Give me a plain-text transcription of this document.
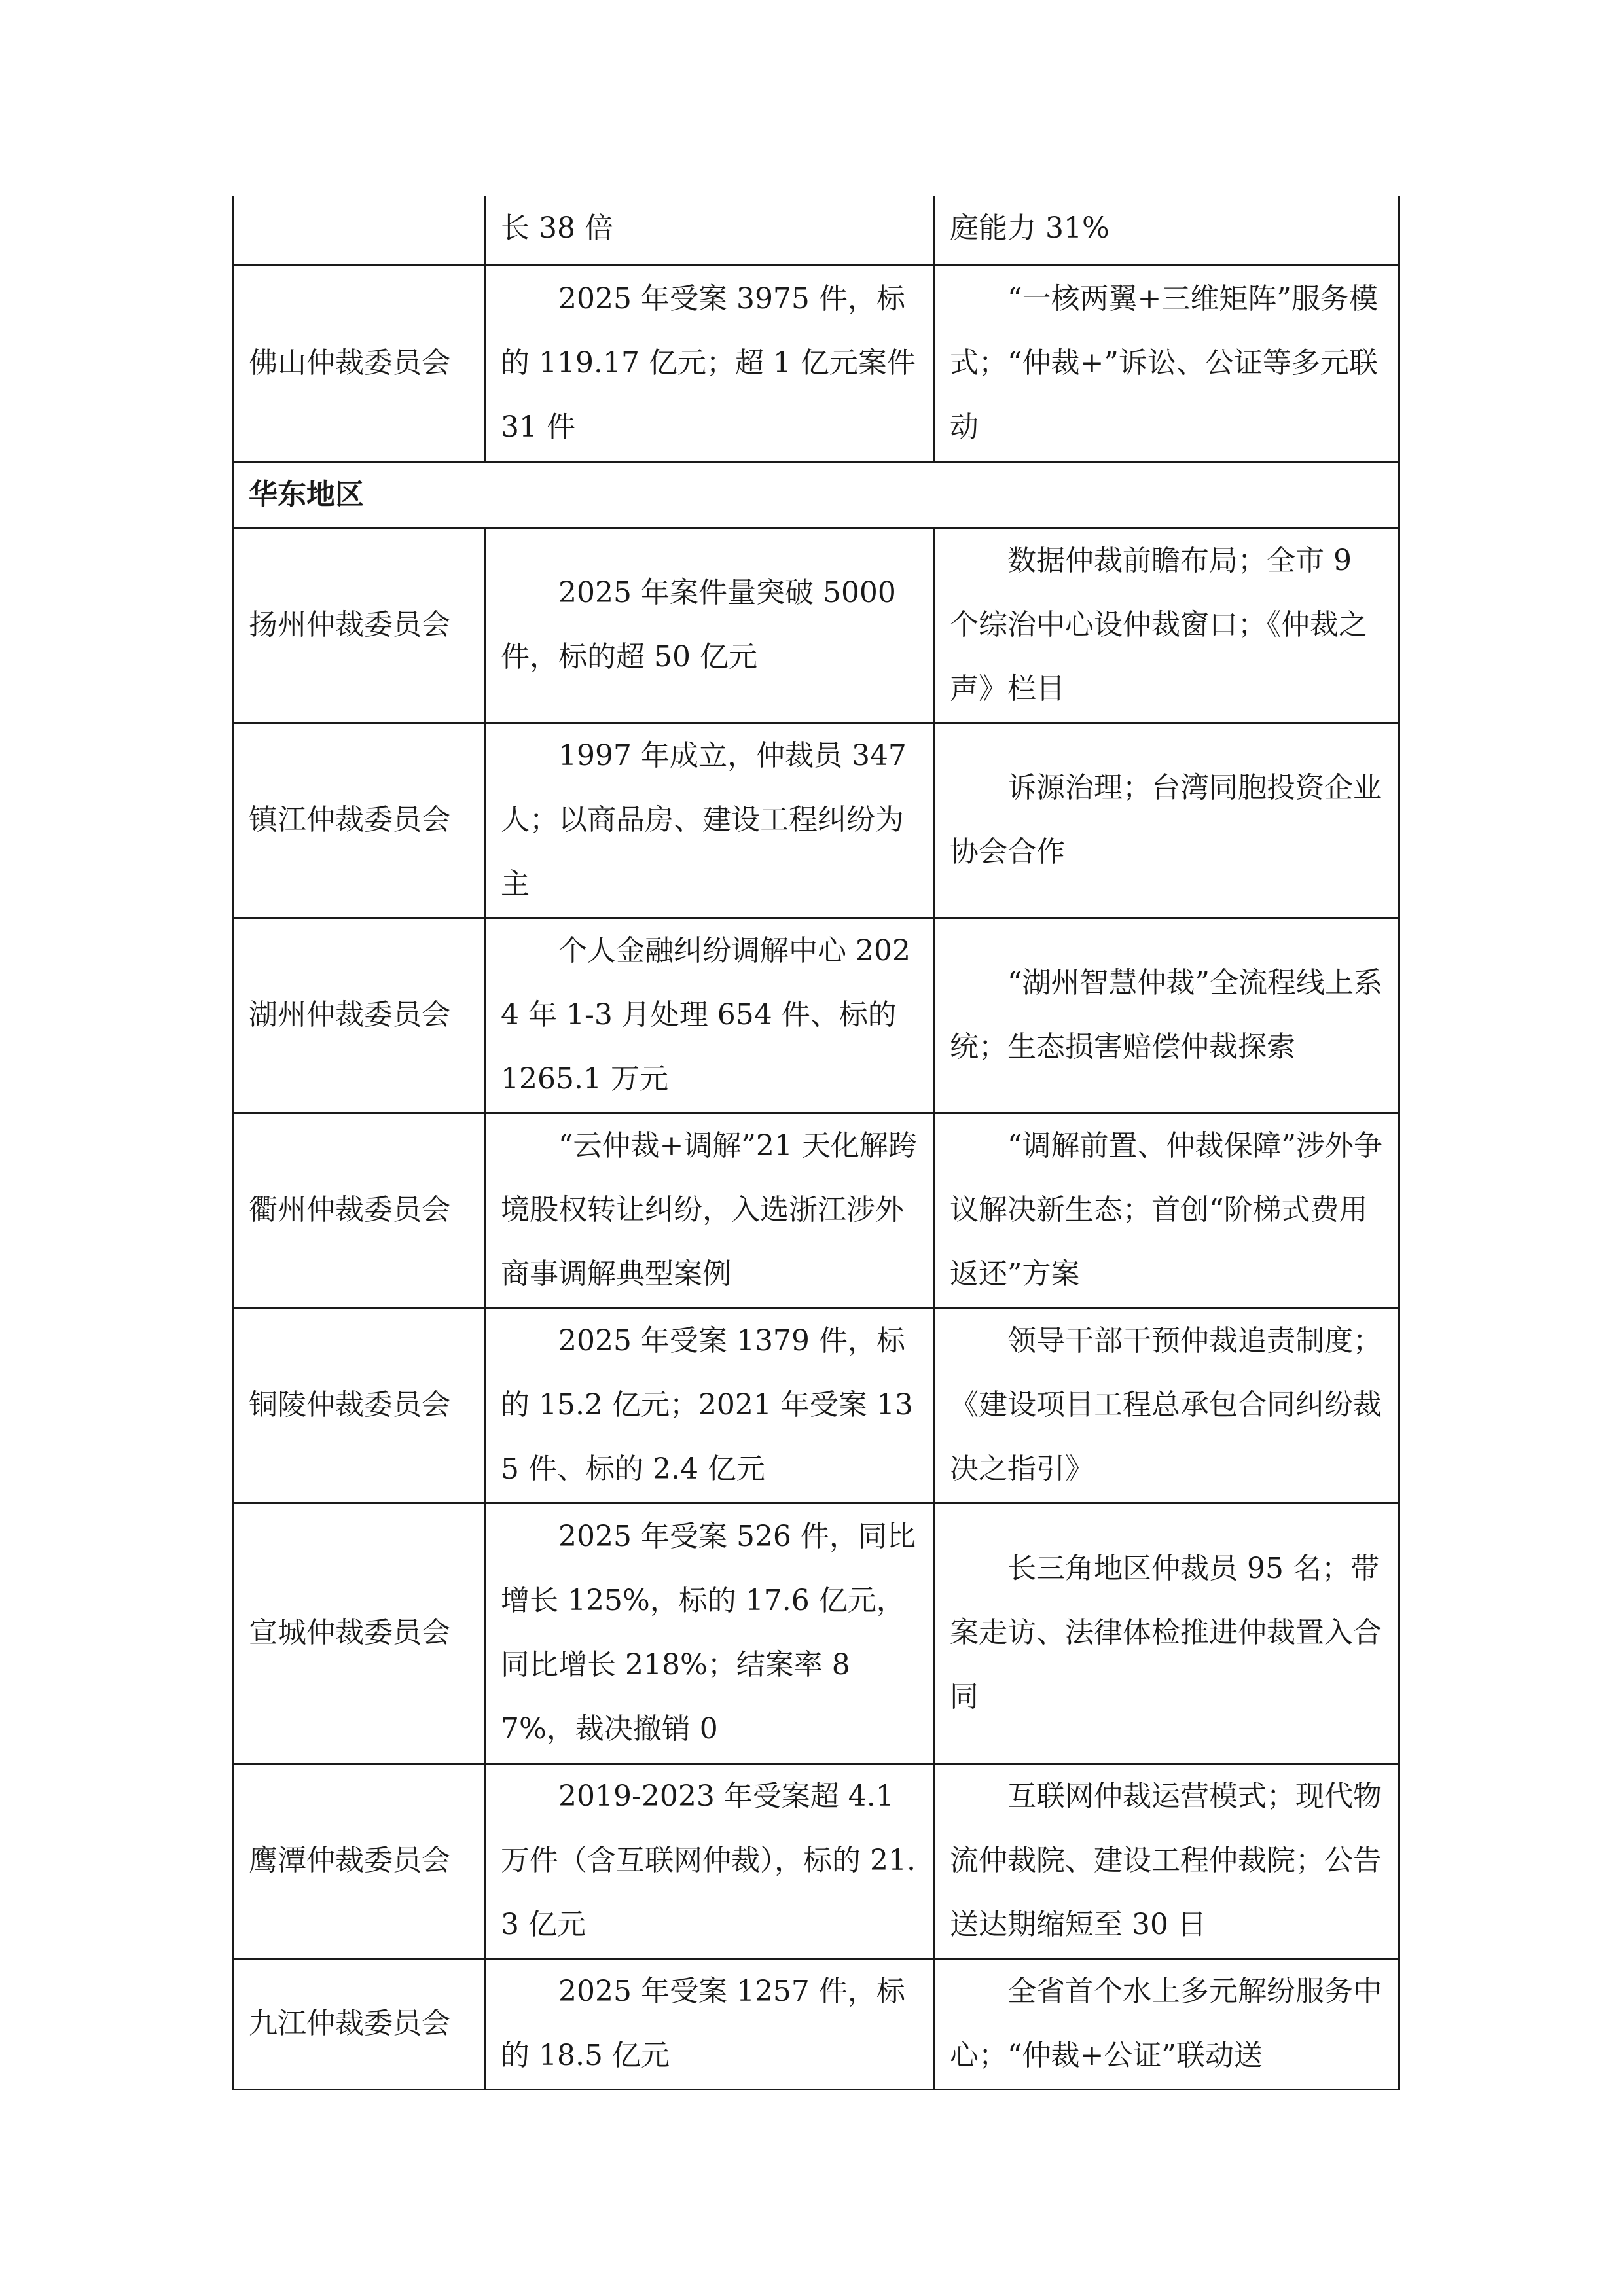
	长 38 倍	庭能力 31%
佛山仲裁委员会	2025 年受案 3975 件，标的 119.17 亿元；超 1 亿元案件 31 件	“一核两翼+三维矩阵”服务模式；“仲裁+”诉讼、公证等多元联动
华东地区		
扬州仲裁委员会	2025 年案件量突破 5000 件，标的超 50 亿元	数据仲裁前瞻布局；全市 9 个综治中心设仲裁窗口；《仲裁之声》栏目
镇江仲裁委员会	1997 年成立，仲裁员 347 人；以商品房、建设工程纠纷为主	诉源治理；台湾同胞投资企业协会合作
湖州仲裁委员会	个人金融纠纷调解中心 2024 年 1-3 月处理 654 件、标的 1265.1 万元	“湖州智慧仲裁”全流程线上系统；生态损害赔偿仲裁探索
衢州仲裁委员会	“云仲裁+调解”21 天化解跨境股权转让纠纷，入选浙江涉外商事调解典型案例	“调解前置、仲裁保障”涉外争议解决新生态；首创“阶梯式费用返还”方案
铜陵仲裁委员会	2025 年受案 1379 件，标的 15.2 亿元；2021 年受案 135 件、标的 2.4 亿元	领导干部干预仲裁追责制度；《建设项目工程总承包合同纠纷裁决之指引》
宣城仲裁委员会	2025 年受案 526 件，同比增长 125%，标的 17.6 亿元，同比增长 218%；结案率 87%，裁决撤销 0	长三角地区仲裁员 95 名；带案走访、法律体检推进仲裁置入合同
鹰潭仲裁委员会	2019-2023 年受案超 4.1 万件（含互联网仲裁），标的 21.3 亿元	互联网仲裁运营模式；现代物流仲裁院、建设工程仲裁院；公告送达期缩短至 30 日
九江仲裁委员会	2025 年受案 1257 件，标的 18.5 亿元	全省首个水上多元解纷服务中心；“仲裁+公证”联动送
